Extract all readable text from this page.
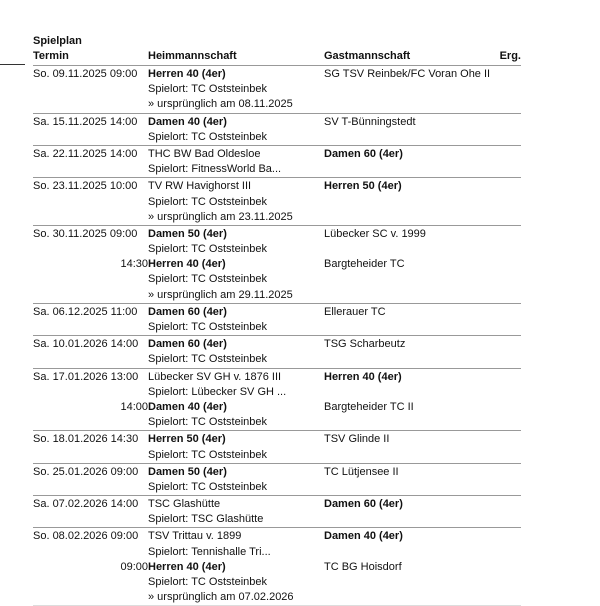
Spielplan
Termin	Heimmannschaft	Gastmannschaft	Erg.

So. 09.11.2025 09:00	Herren 40 (4er)
Spielort: TC Oststeinbek
» ursprünglich am 08.11.2025	SG TSV Reinbek/FC Voran Ohe II	

Sa. 15.11.2025 14:00	Damen 40 (4er)
Spielort: TC Oststeinbek	SV T-Bünningstedt	

Sa. 22.11.2025 14:00	THC BW Bad Oldesloe
Spielort: FitnessWorld Ba...	Damen 60 (4er)	

So. 23.11.2025 10:00	TV RW Havighorst III
Spielort: TC Oststeinbek
» ursprünglich am 23.11.2025	Herren 50 (4er)	

So. 30.11.2025 09:00	Damen 50 (4er)
Spielort: TC Oststeinbek	Lübecker SC v. 1999	

14:30	Herren 40 (4er)
Spielort: TC Oststeinbek
» ursprünglich am 29.11.2025	Bargteheider TC	

Sa. 06.12.2025 11:00	Damen 60 (4er)
Spielort: TC Oststeinbek	Ellerauer TC	

Sa. 10.01.2026 14:00	Damen 60 (4er)
Spielort: TC Oststeinbek	TSG Scharbeutz	

Sa. 17.01.2026 13:00	Lübecker SV GH v. 1876 III
Spielort: Lübecker SV GH ...	Herren 40 (4er)	

14:00	Damen 40 (4er)
Spielort: TC Oststeinbek	Bargteheider TC II	

So. 18.01.2026 14:30	Herren 50 (4er)
Spielort: TC Oststeinbek	TSV Glinde II	

So. 25.01.2026 09:00	Damen 50 (4er)
Spielort: TC Oststeinbek	TC Lütjensee II	

Sa. 07.02.2026 14:00	TSC Glashütte
Spielort: TSC Glashütte	Damen 60 (4er)	

So. 08.02.2026 09:00	TSV Trittau v. 1899
Spielort: Tennishalle Tri...	Damen 40 (4er)	

09:00	Herren 40 (4er)
Spielort: TC Oststeinbek
» ursprünglich am 07.02.2026	TC BG Hoisdorf	
